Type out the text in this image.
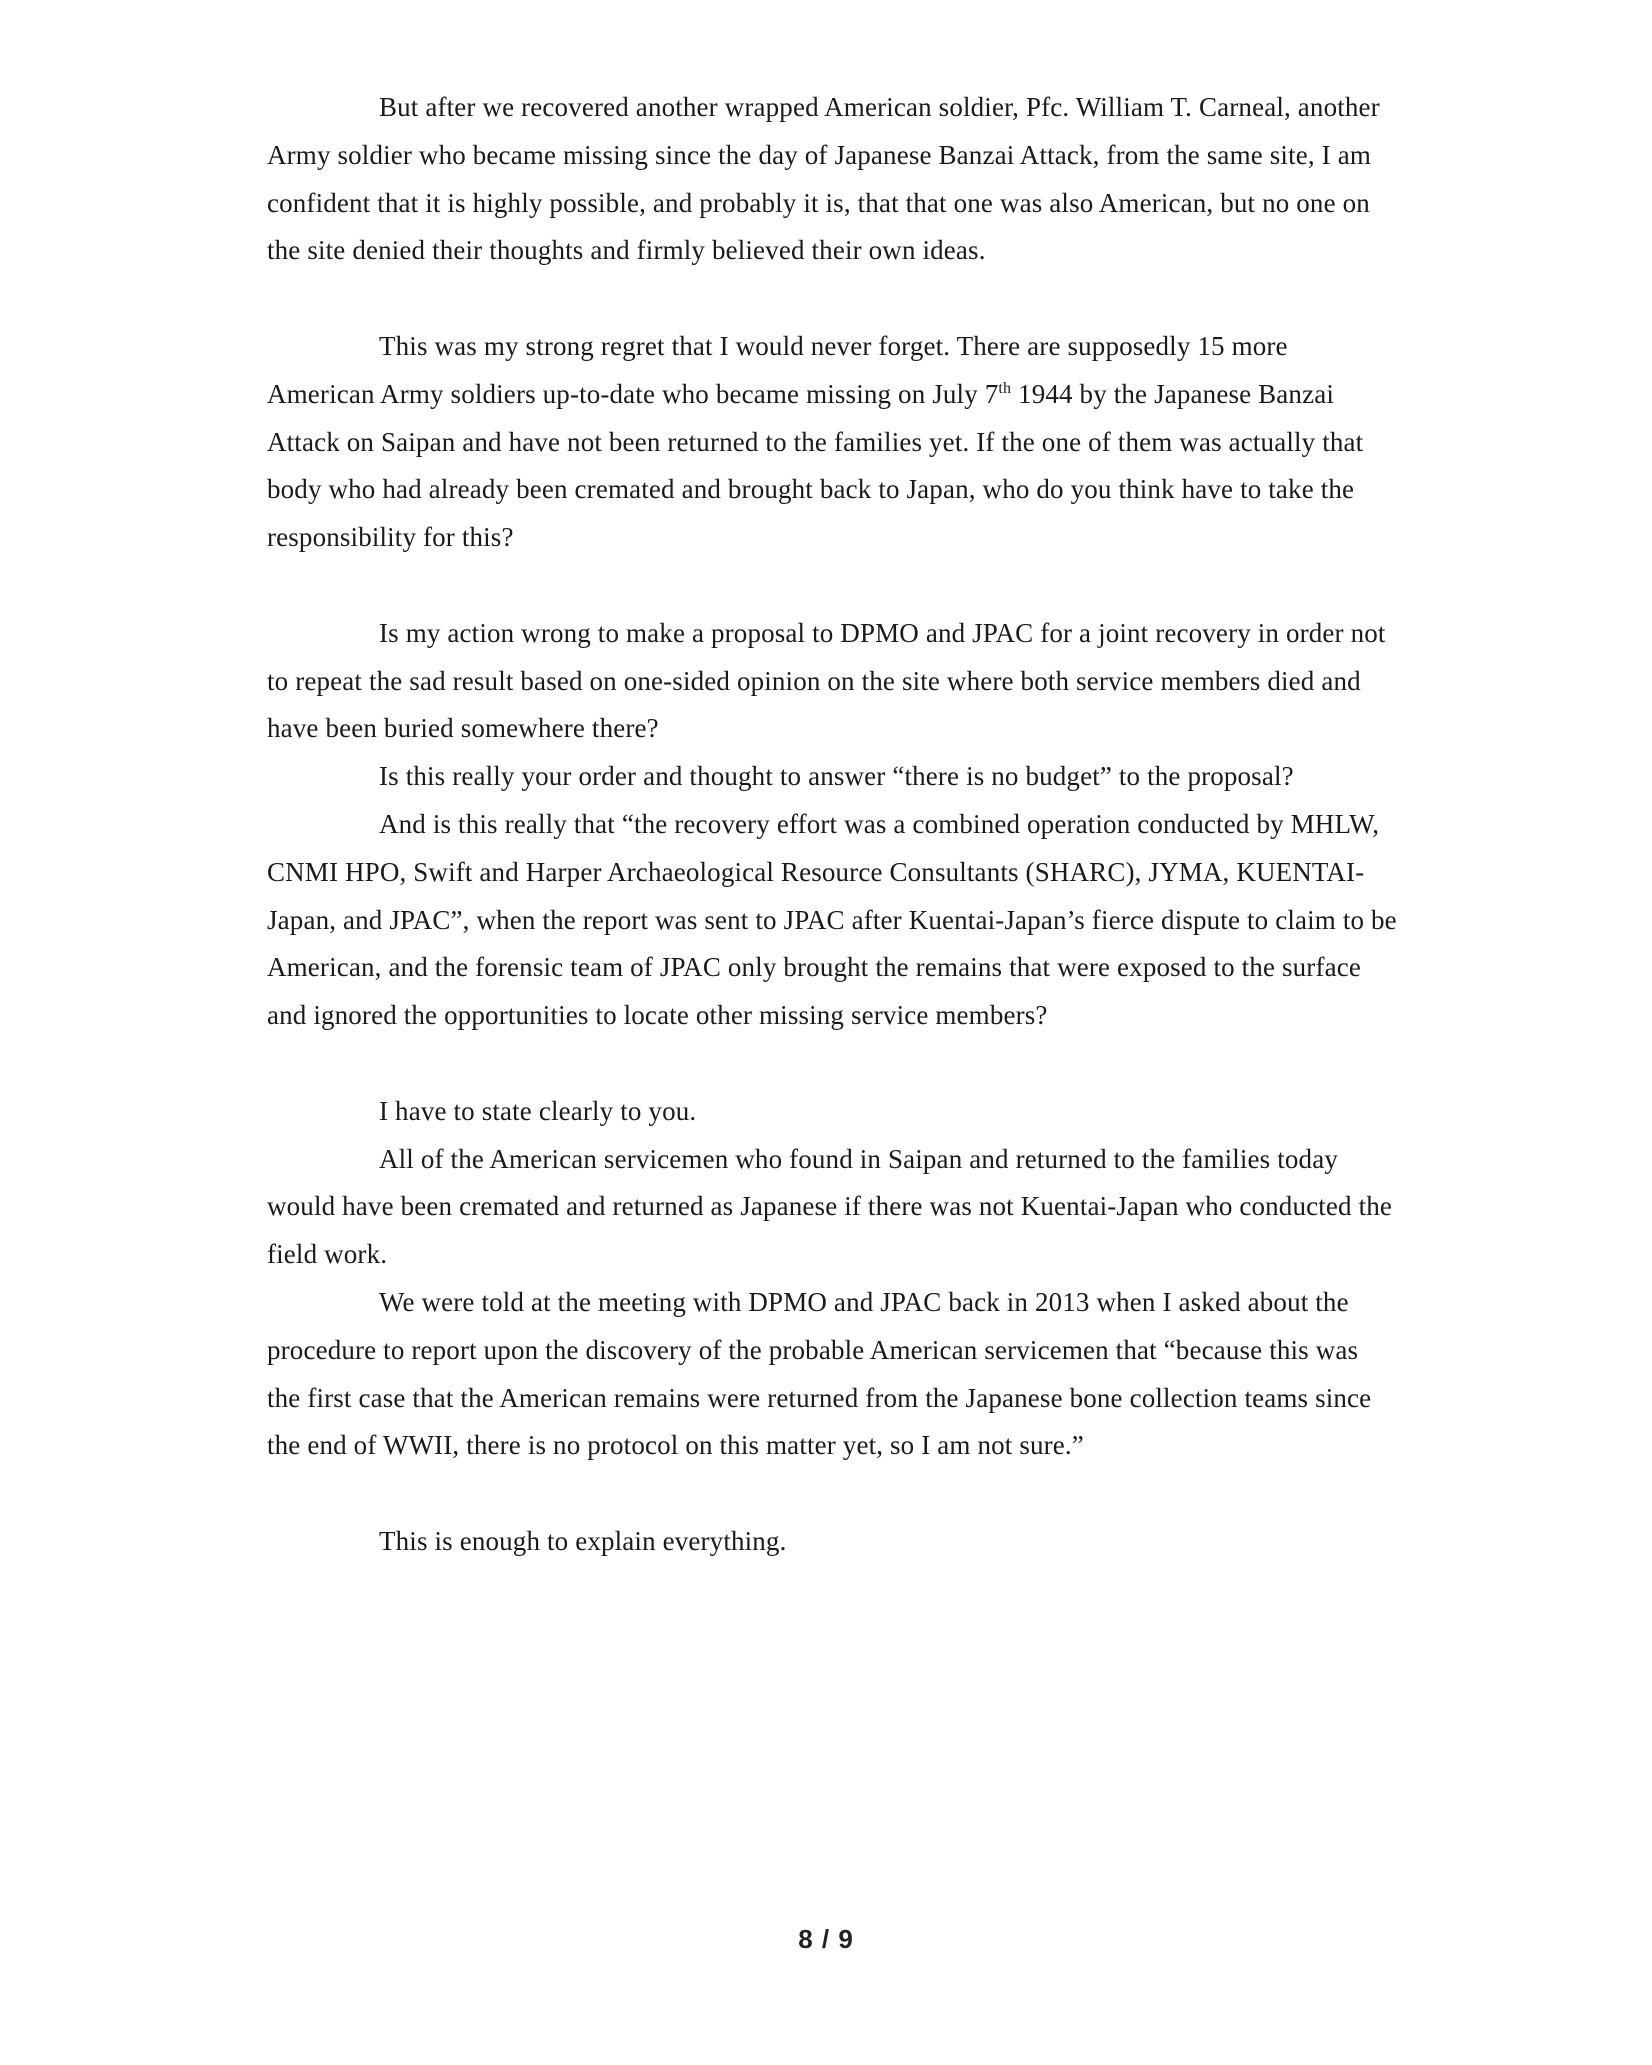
But after we recovered another wrapped American soldier, Pfc. William T. Carneal, another Army soldier who became missing since the day of Japanese Banzai Attack, from the same site, I am confident that it is highly possible, and probably it is, that that one was also American, but no one on the site denied their thoughts and firmly believed their own ideas.

This was my strong regret that I would never forget. There are supposedly 15 more American Army soldiers up-to-date who became missing on July 7th 1944 by the Japanese Banzai Attack on Saipan and have not been returned to the families yet. If the one of them was actually that body who had already been cremated and brought back to Japan, who do you think have to take the responsibility for this?

Is my action wrong to make a proposal to DPMO and JPAC for a joint recovery in order not to repeat the sad result based on one-sided opinion on the site where both service members died and have been buried somewhere there?

Is this really your order and thought to answer “there is no budget” to the proposal?

And is this really that “the recovery effort was a combined operation conducted by MHLW, CNMI HPO, Swift and Harper Archaeological Resource Consultants (SHARC), JYMA, KUENTAI-Japan, and JPAC”, when the report was sent to JPAC after Kuentai-Japan’s fierce dispute to claim to be American, and the forensic team of JPAC only brought the remains that were exposed to the surface and ignored the opportunities to locate other missing service members?

I have to state clearly to you.

All of the American servicemen who found in Saipan and returned to the families today would have been cremated and returned as Japanese if there was not Kuentai-Japan who conducted the field work.

We were told at the meeting with DPMO and JPAC back in 2013 when I asked about the procedure to report upon the discovery of the probable American servicemen that “because this was the first case that the American remains were returned from the Japanese bone collection teams since the end of WWII, there is no protocol on this matter yet, so I am not sure.”

This is enough to explain everything.

8 / 9
